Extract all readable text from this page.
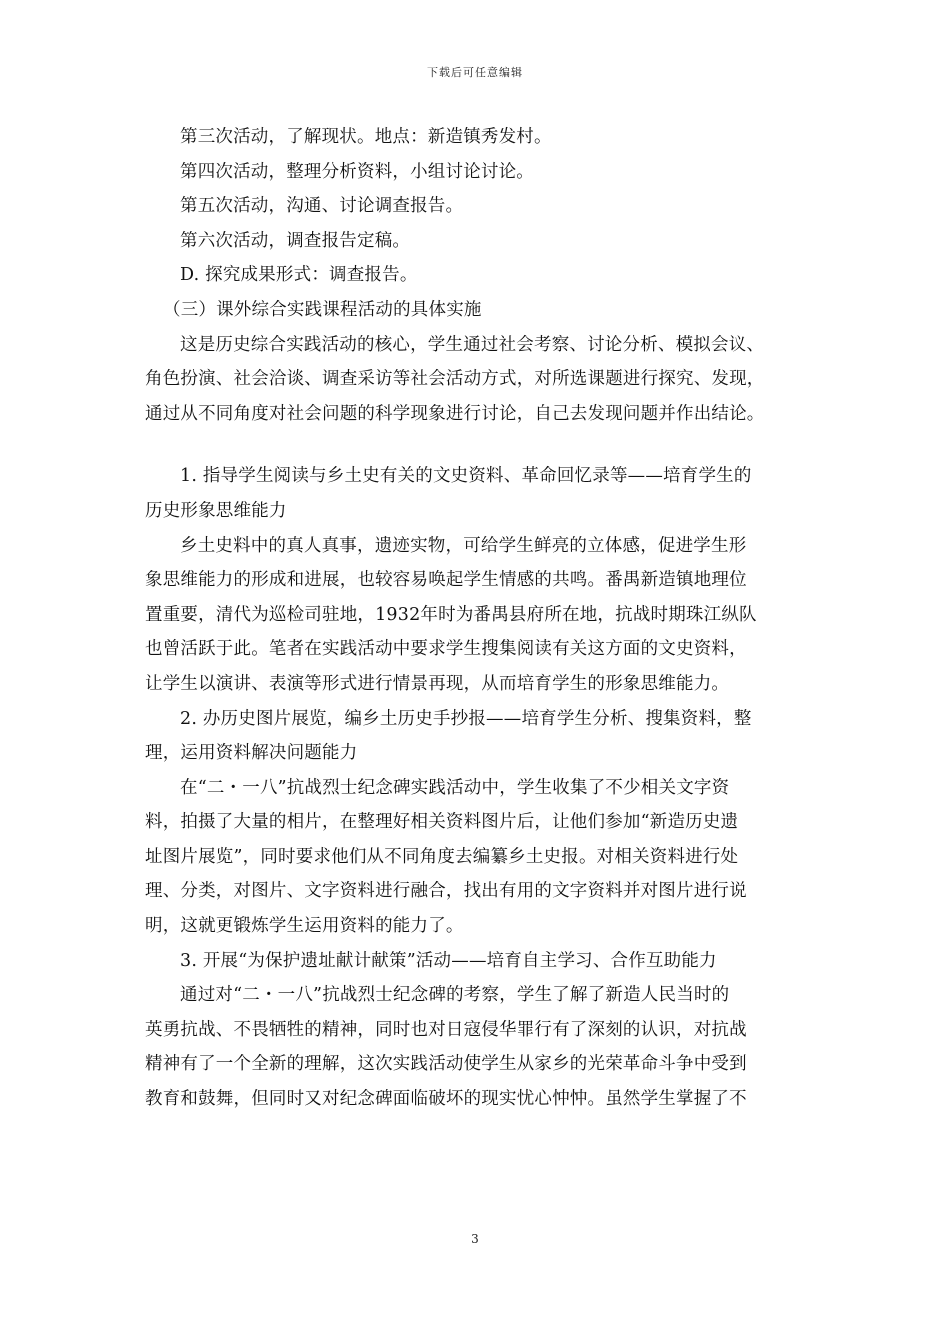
下载后可任意编辑
第三次活动，了解现状。地点：新造镇秀发村。
第四次活动，整理分析资料，小组讨论讨论。
第五次活动，沟通、讨论调查报告。
第六次活动，调查报告定稿。
D. 探究成果形式：调查报告。
（三）课外综合实践课程活动的具体实施
这是历史综合实践活动的核心，学生通过社会考察、讨论分析、模拟会议、
角色扮演、社会洽谈、调查采访等社会活动方式，对所选课题进行探究、发现，
通过从不同角度对社会问题的科学现象进行讨论，自己去发现问题并作出结论。
1. 指导学生阅读与乡土史有关的文史资料、革命回忆录等——培育学生的
历史形象思维能力
乡土史料中的真人真事，遗迹实物，可给学生鲜亮的立体感，促进学生形
象思维能力的形成和进展，也较容易唤起学生情感的共鸣。番禺新造镇地理位
置重要，清代为巡检司驻地，1932年时为番禺县府所在地，抗战时期珠江纵队
也曾活跃于此。笔者在实践活动中要求学生搜集阅读有关这方面的文史资料，
让学生以演讲、表演等形式进行情景再现，从而培育学生的形象思维能力。
2. 办历史图片展览，编乡土历史手抄报——培育学生分析、搜集资料，整
理，运用资料解决问题能力
在“二・一八”抗战烈士纪念碑实践活动中，学生收集了不少相关文字资
料，拍摄了大量的相片，在整理好相关资料图片后，让他们参加“新造历史遗
址图片展览”，同时要求他们从不同角度去编纂乡土史报。对相关资料进行处
理、分类，对图片、文字资料进行融合，找出有用的文字资料并对图片进行说
明，这就更锻炼学生运用资料的能力了。
3. 开展“为保护遗址献计献策”活动——培育自主学习、合作互助能力
通过对“二・一八”抗战烈士纪念碑的考察，学生了解了新造人民当时的
英勇抗战、不畏牺牲的精神，同时也对日寇侵华罪行有了深刻的认识，对抗战
精神有了一个全新的理解，这次实践活动使学生从家乡的光荣革命斗争中受到
教育和鼓舞，但同时又对纪念碑面临破坏的现实忧心忡忡。虽然学生掌握了不
3
